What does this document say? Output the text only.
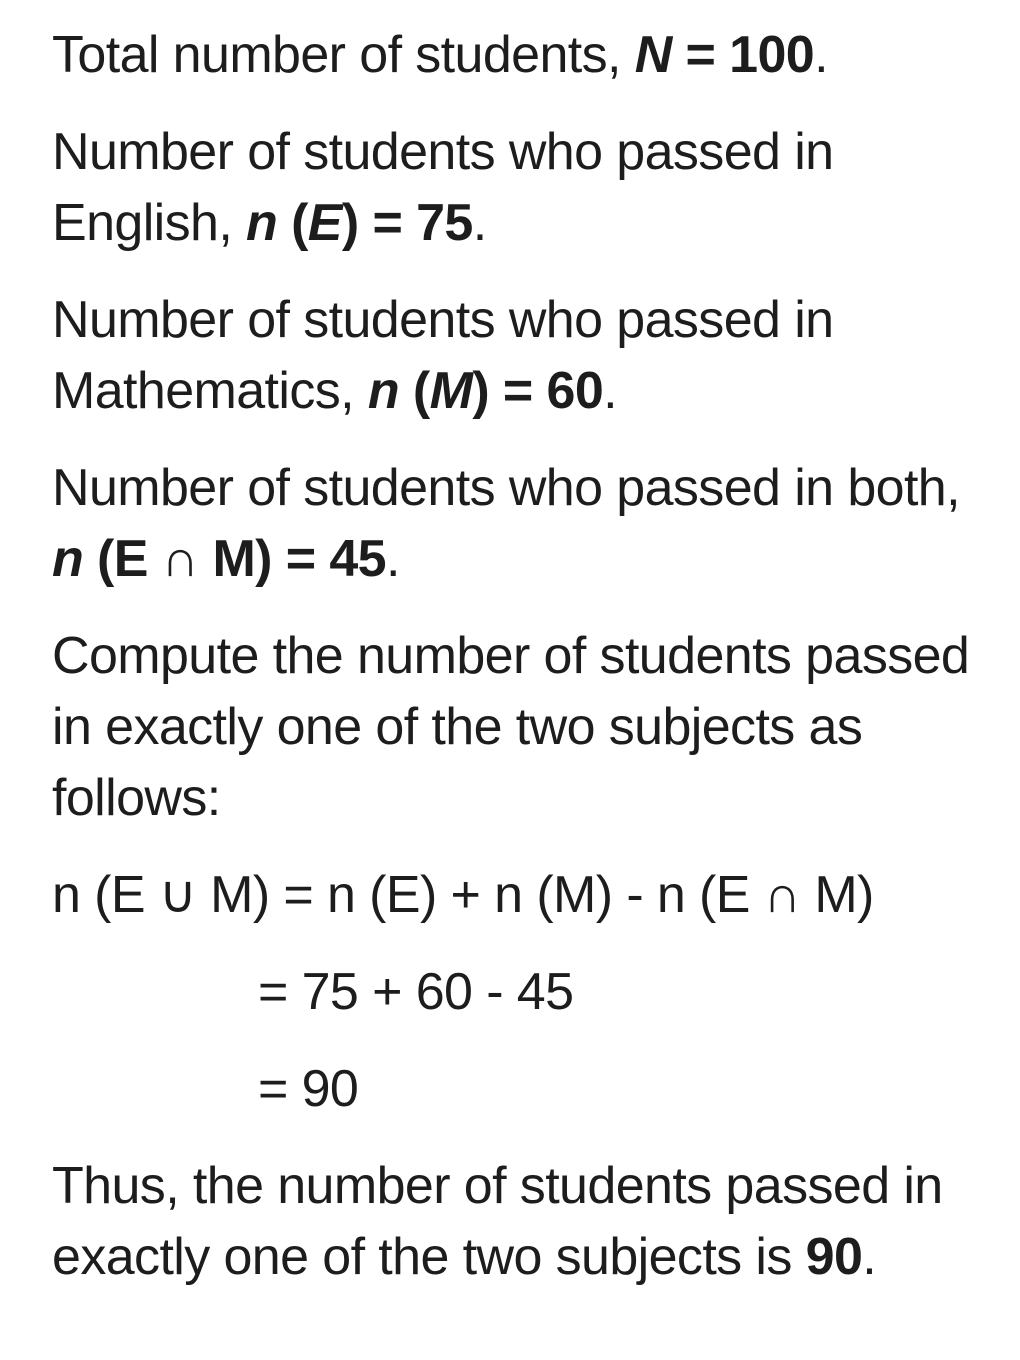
Total number of students, N = 100.
Number of students who passed in
English, n (E) = 75.
Number of students who passed in
Mathematics, n (M) = 60.
Number of students who passed in both,
n (E ∩ M) = 45.
Compute the number of students passed
in exactly one of the two subjects as
follows:
n (E ∪ M) = n (E) + n (M) - n (E ∩ M)
= 75 + 60 - 45
= 90
Thus, the number of students passed in
exactly one of the two subjects is 90.
